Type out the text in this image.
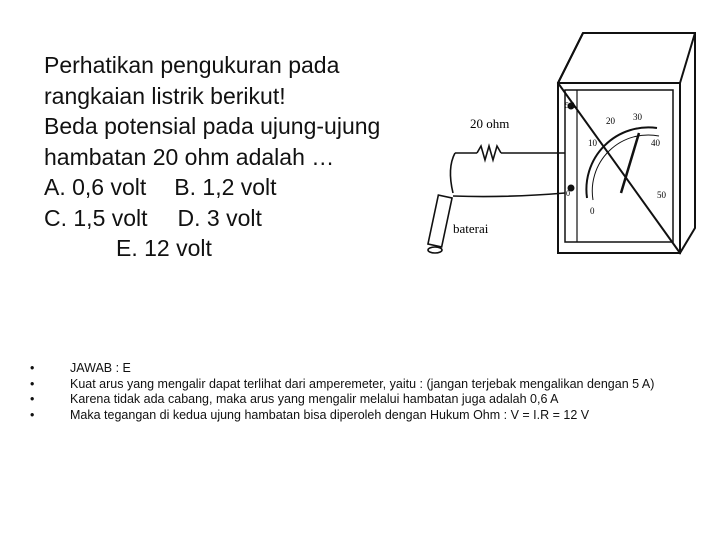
Perhatikan pengukuran pada
rangkaian listrik berikut!
Beda potensial pada ujung-ujung
hambatan 20 ohm adalah …
A. 0,6 volt B. 1,2 volt
C. 1,5 volt D. 3 volt
E. 12 volt
5 A
0
0
10
20 30
40
50
20 ohm
baterai
•	JAWAB : E
•	Kuat arus yang mengalir dapat terlihat dari amperemeter, yaitu : (jangan terjebak mengalikan dengan 5 A)
•	Karena tidak ada cabang, maka arus yang mengalir melalui hambatan juga adalah 0,6 A
•	Maka tegangan di kedua ujung hambatan bisa diperoleh dengan Hukum Ohm : V = I.R = 12 V
